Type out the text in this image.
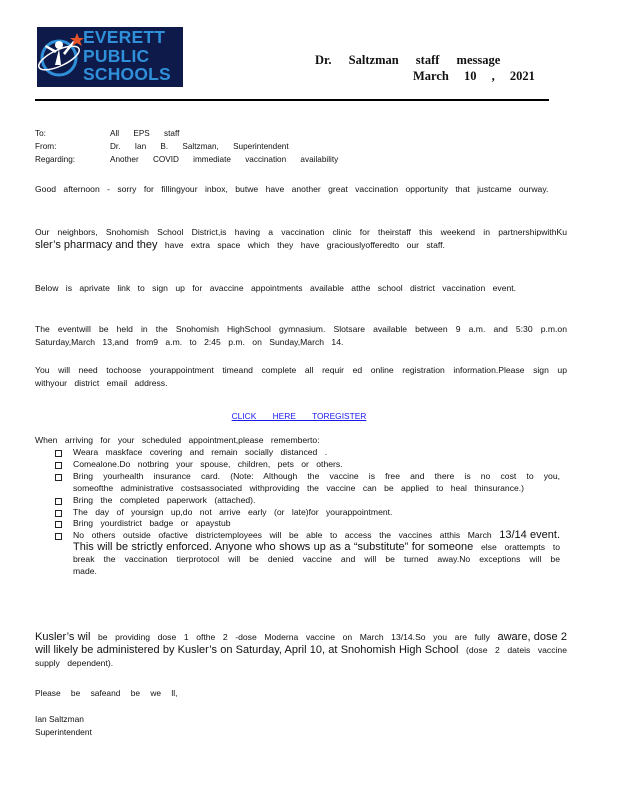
EVERETT
PUBLIC
SCHOOLS
Dr. Saltzman staff message
March 10 , 2021
To:	All EPS staff
From:	Dr. Ian B. Saltzman, Superintendent
Regarding:	Another COVID immediate vaccination availability
Good afternoon - sorry for fillingyour inbox, butwe have another great vaccination opportunity that justcame ourway.
Our neighbors, Snohomish School District,is having a vaccination clinic for theirstaff this weekend in partnershipwithKu sler’s pharmacy and they have extra space which they have graciouslyofferedto our staff.
Below is aprivate link to sign up for avaccine appointments available atthe school district vaccination event.
The eventwill be held in the Snohomish HighSchool gymnasium. Slotsare available between 9 a.m. and 5:30 p.m.on Saturday,March 13,and from9 a.m. to 2:45 p.m. on Sunday,March 14.
You will need tochoose yourappointment timeand complete all requir ed online registration information.Please sign up withyour district email address.
CLICK HERE TOREGISTER
When arriving for your scheduled appointment,please rememberto:
Weara maskface covering and remain socially distanced .
Comealone.Do notbring your spouse, children, pets or others.
Bring yourhealth insurance card. (Note: Although the vaccine is free and there is no cost to you, someofthe administrative costsassociated withproviding the vaccine can be applied to heal thinsurance.)
Bring the completed paperwork (attached).
The day of yoursign up,do not arrive early (or late)for yourappointment.
Bring yourdistrict badge or apaystub
No others outside ofactive districtemployees will be able to access the vaccines atthis March 13/14 event. This will be strictly enforced. Anyone who shows up as a “substitute” for someone else orattempts to break the vaccination tierprotocol will be denied vaccine and will be turned away.No exceptions will be made.
Kusler’s wil be providing dose 1 ofthe 2 -dose Moderna vaccine on March 13/14.So you are fully aware, dose 2 will likely be administered by Kusler’s on Saturday, April 10, at Snohomish High School (dose 2 dateis vaccine supply dependent).
Please be safeand be we ll,
Ian Saltzman
Superintendent
